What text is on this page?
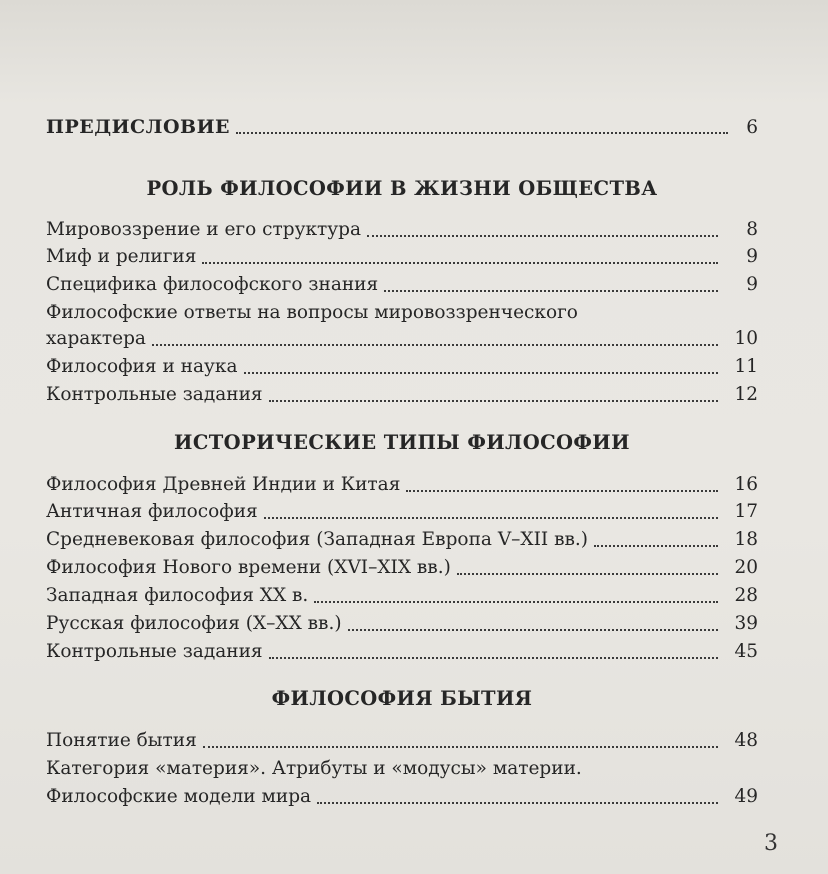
ПРЕДИСЛОВИЕ	6
РОЛЬ ФИЛОСОФИИ В ЖИЗНИ ОБЩЕСТВА
Мировоззрение и его структура	8
Миф и религия	9
Специфика философского знания	9
Философские ответы на вопросы мировоззренческого
характера	10
Философия и наука	11
Контрольные задания	12
ИСТОРИЧЕСКИЕ ТИПЫ ФИЛОСОФИИ
Философия Древней Индии и Китая	16
Античная философия	17
Средневековая философия (Западная Европа V–XII вв.)	18
Философия Нового времени (XVI–XIX вв.)	20
Западная философия XX в.	28
Русская философия (X–XX вв.)	39
Контрольные задания	45
ФИЛОСОФИЯ БЫТИЯ
Понятие бытия	48
Категория «материя». Атрибуты и «модусы» материи.
Философские модели мира	49
3
